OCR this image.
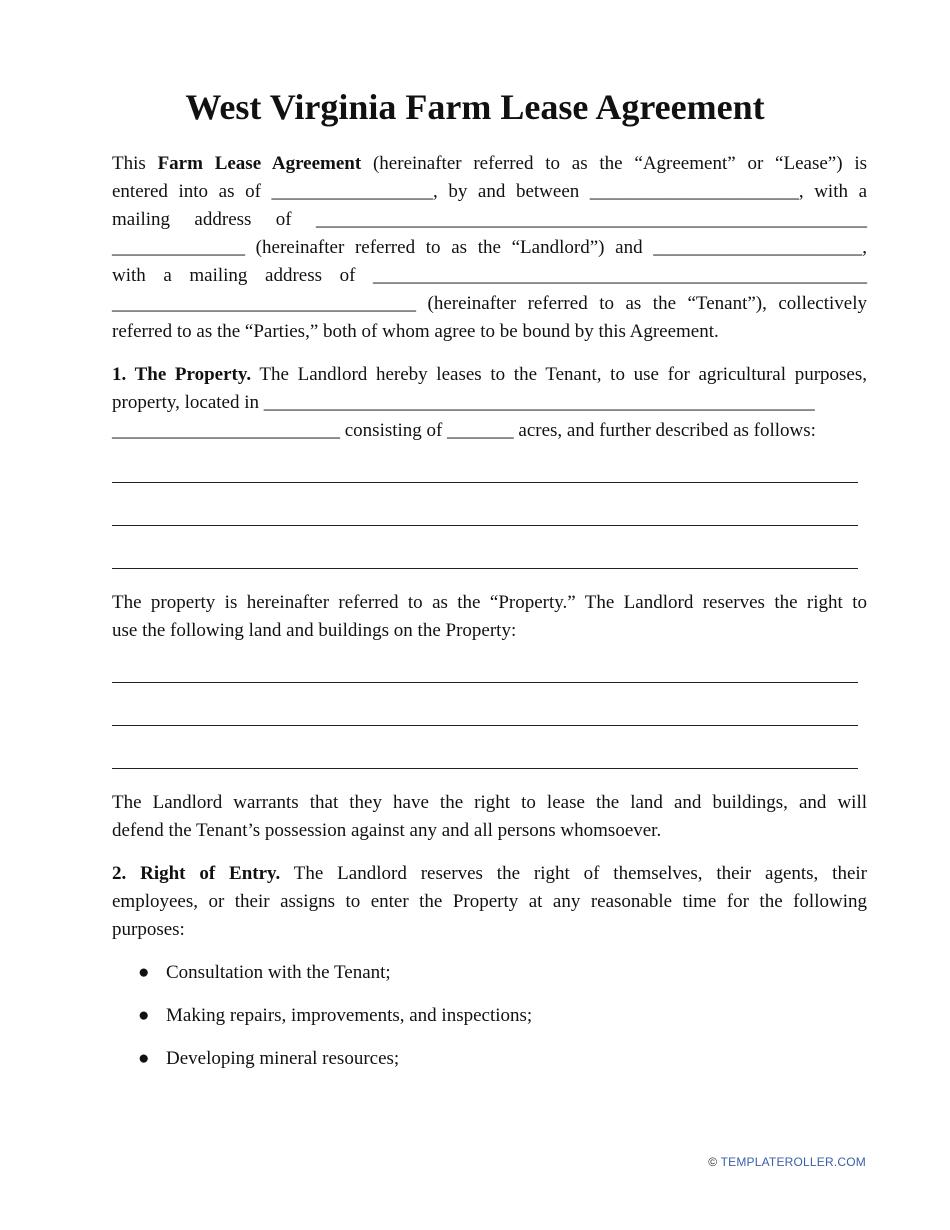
West Virginia Farm Lease Agreement
This Farm Lease Agreement (hereinafter referred to as the “Agreement” or “Lease”) is
entered into as of _________________, by and between ______________________, with a
mailing address of __________________________________________________________
______________ (hereinafter referred to as the “Landlord”) and ______________________,
with a mailing address of ____________________________________________________
________________________________ (hereinafter referred to as the “Tenant”), collectively
referred to as the “Parties,” both of whom agree to be bound by this Agreement.
1. The Property. The Landlord hereby leases to the Tenant, to use for agricultural purposes,
property, located in __________________________________________________________
________________________ consisting of _______ acres, and further described as follows:
The property is hereinafter referred to as the “Property.” The Landlord reserves the right to
use the following land and buildings on the Property:
The Landlord warrants that they have the right to lease the land and buildings, and will
defend the Tenant’s possession against any and all persons whomsoever.
2. Right of Entry. The Landlord reserves the right of themselves, their agents, their
employees, or their assigns to enter the Property at any reasonable time for the following
purposes:
● Consultation with the Tenant;
● Making repairs, improvements, and inspections;
● Developing mineral resources;
© TEMPLATEROLLER.COM
